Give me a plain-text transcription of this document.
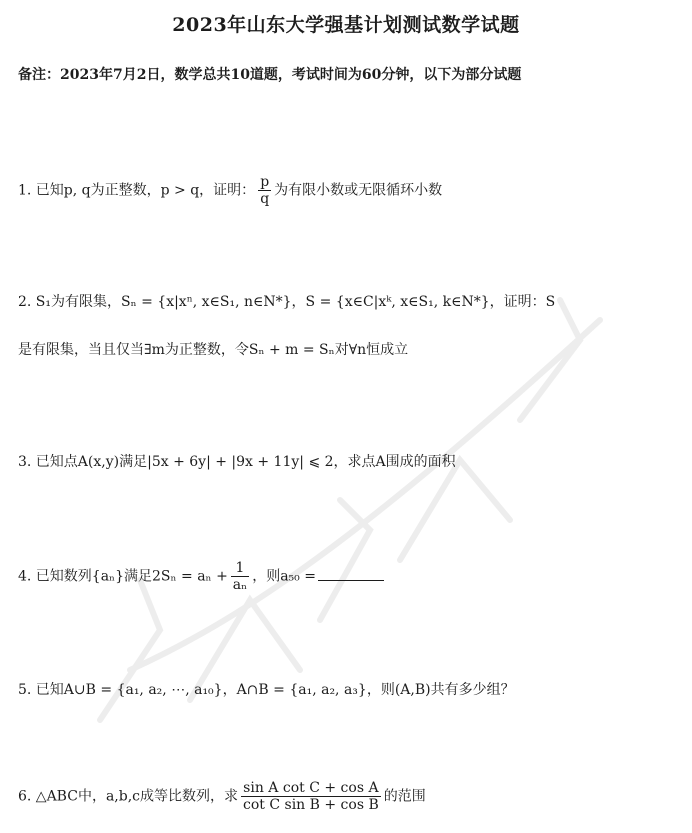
2023年山东大学强基计划测试数学试题
备注：2023年7月2日，数学总共10道题，考试时间为60分钟，以下为部分试题
1. 已知p, q为正整数，p > q，证明： $\frac{p}{q}$ 为有限小数或无限循环小数
2. S₁为有限集，Sₙ = {x|xⁿ, x∈S₁, n∈N*}，S = {x∈C|xᵏ, x∈S₁, k∈N*}，证明：S
是有限集，当且仅当∃m为正整数，令Sₙ + m = Sₙ对∀n恒成立
3. 已知点A(x,y)满足|5x + 6y| + |9x + 11y| ⩽ 2，求点A围成的面积
4. 已知数列{aₙ}满足$2S_n = a_n + \frac{1}{\text{aₙ}}$ ，则a₅₀ =
5. 已知A∪B = {a₁, a₂, ⋯, a₁₀}，A∩B = {a₁, a₂, a₃}，则(A,B)共有多少组？
6. △ABC中，a,b,c成等比数列，求 $\frac{\text{sin A cot C + cos A}}{\text{cot C sin B + cos B}}$ 的范围
